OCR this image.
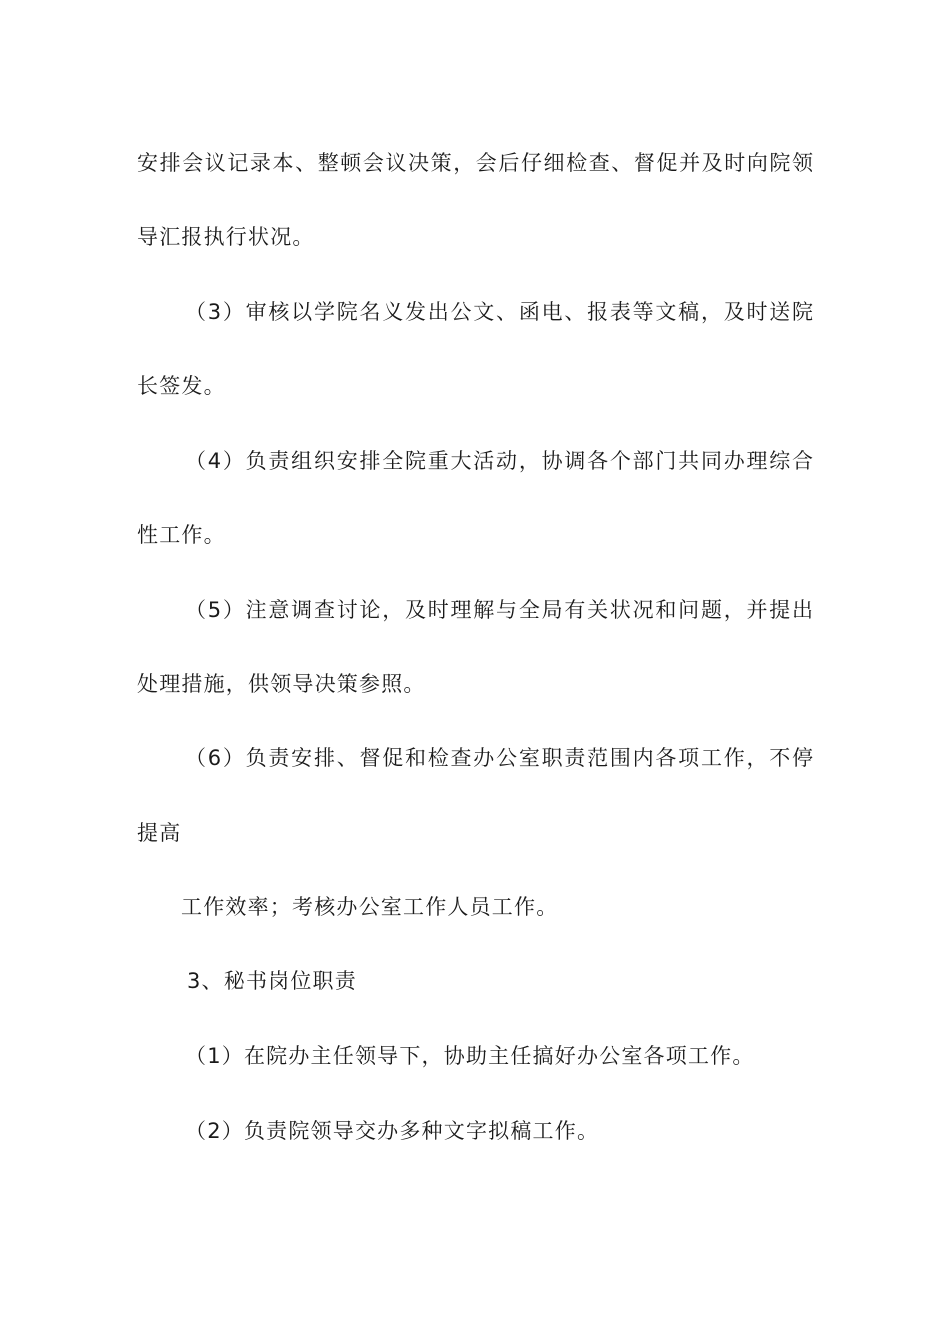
安排会议记录本、整顿会议决策，会后仔细检查、督促并及时向院领
导汇报执行状况。
（3）审核以学院名义发出公文、函电、报表等文稿，及时送院
长签发。
（4）负责组织安排全院重大活动，协调各个部门共同办理综合
性工作。
（5）注意调查讨论，及时理解与全局有关状况和问题，并提出
处理措施，供领导决策参照。
（6）负责安排、督促和检查办公室职责范围内各项工作，不停
提高
工作效率；考核办公室工作人员工作。
3、秘书岗位职责
（1）在院办主任领导下，协助主任搞好办公室各项工作。
（2）负责院领导交办多种文字拟稿工作。
